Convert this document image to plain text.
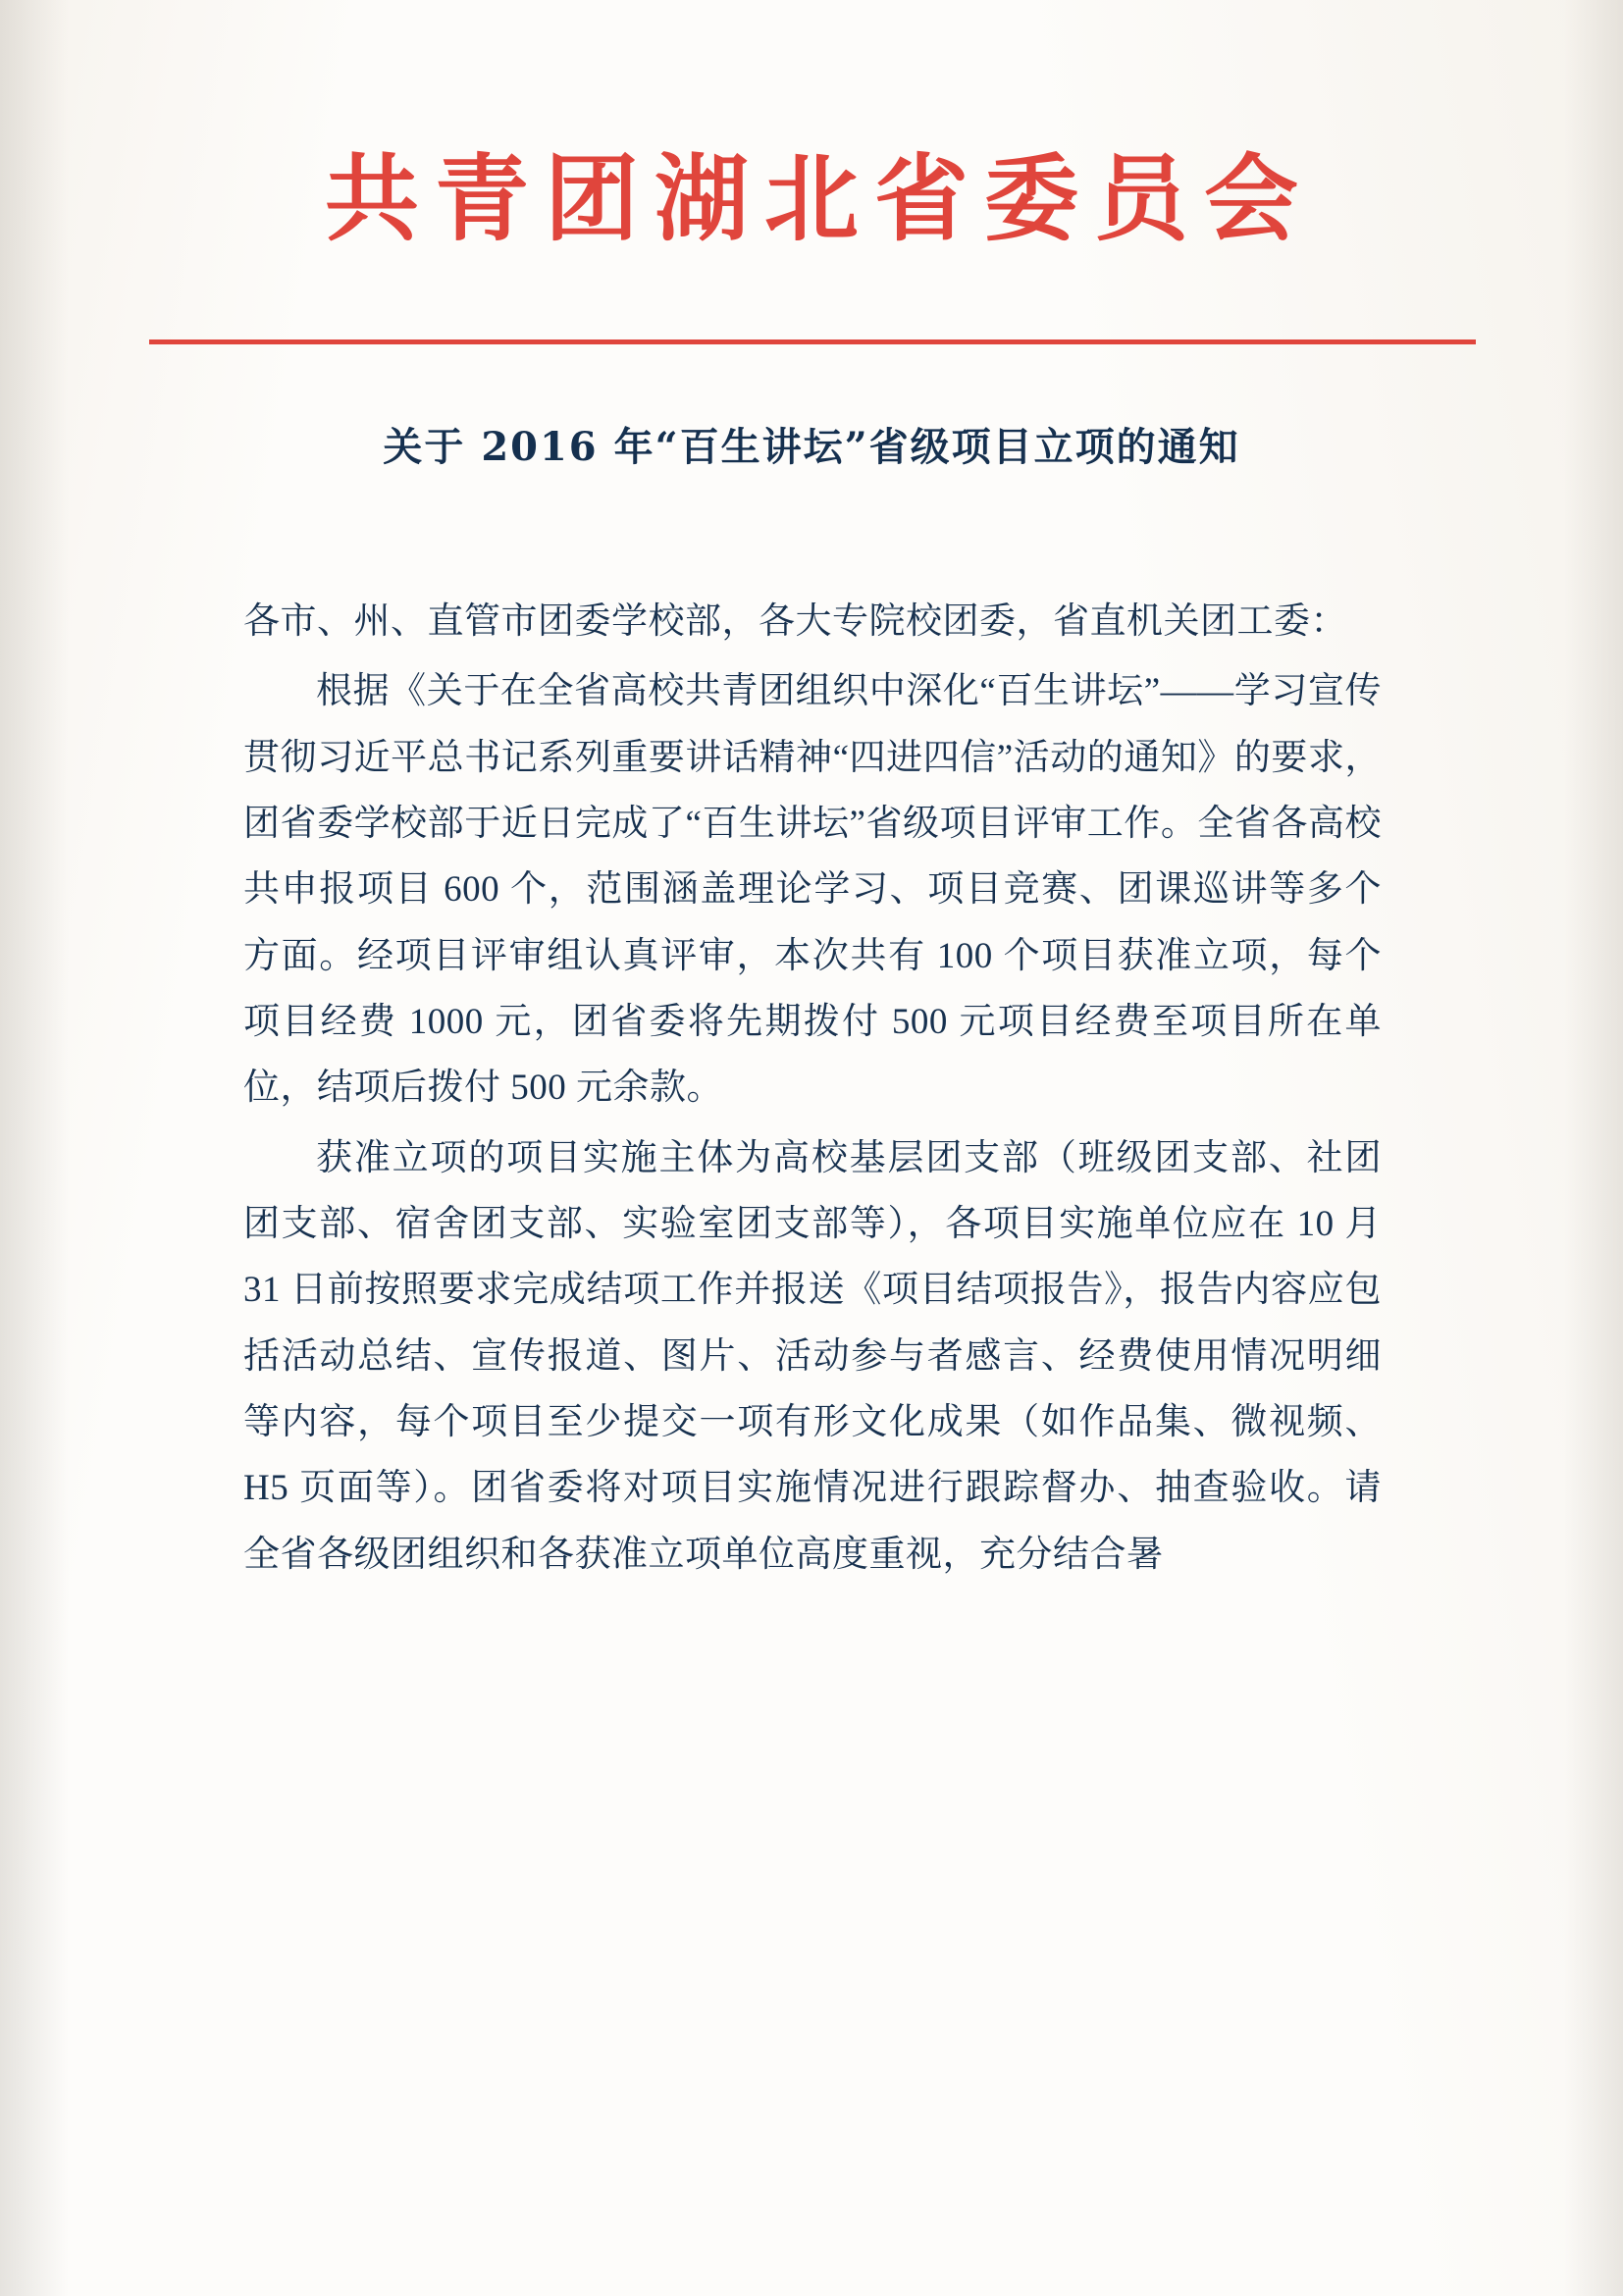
共青团湖北省委员会
关于 2016 年“百生讲坛”省级项目立项的通知

各市、州、直管市团委学校部，各大专院校团委，省直机关团工委：

根据《关于在全省高校共青团组织中深化“百生讲坛”——学习宣传贯彻习近平总书记系列重要讲话精神“四进四信”活动的通知》的要求，团省委学校部于近日完成了“百生讲坛”省级项目评审工作。全省各高校共申报项目 600 个，范围涵盖理论学习、项目竞赛、团课巡讲等多个方面。经项目评审组认真评审，本次共有 100 个项目获准立项，每个项目经费 1000 元，团省委将先期拨付 500 元项目经费至项目所在单位，结项后拨付 500 元余款。

获准立项的项目实施主体为高校基层团支部（班级团支部、社团团支部、宿舍团支部、实验室团支部等），各项目实施单位应在 10 月 31 日前按照要求完成结项工作并报送《项目结项报告》，报告内容应包括活动总结、宣传报道、图片、活动参与者感言、经费使用情况明细等内容，每个项目至少提交一项有形文化成果（如作品集、微视频、H5 页面等）。团省委将对项目实施情况进行跟踪督办、抽查验收。请全省各级团组织和各获准立项单位高度重视，充分结合暑
